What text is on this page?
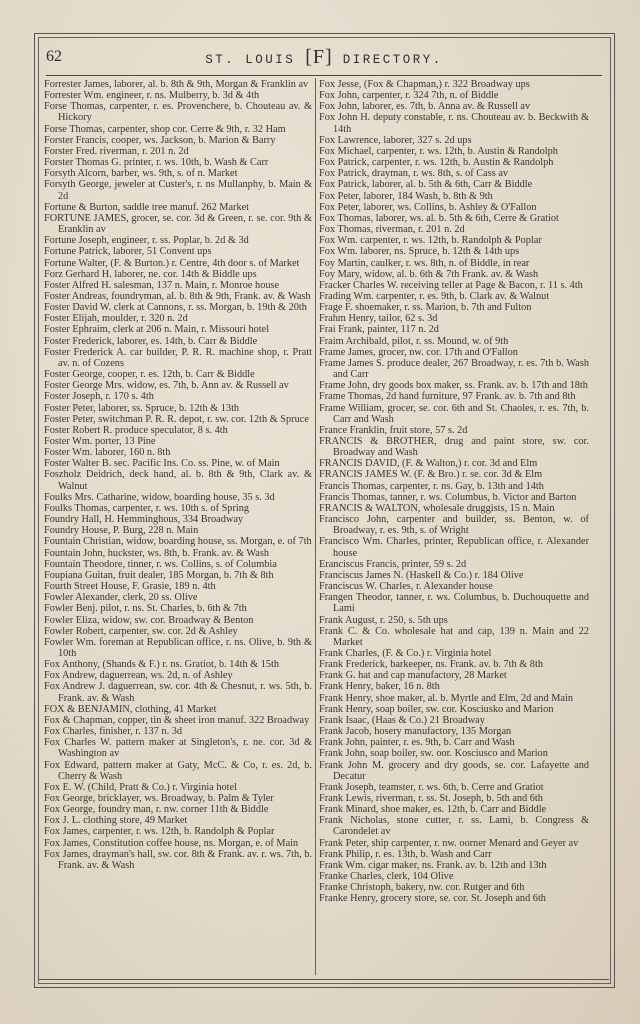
62	ST. LOUIS [F] DIRECTORY.
Forrester James, laborer, al. b. 8th & 9th, Morgan & Franklin av
Forrester Wm. engineer, r. ns. Mulberry, b. 3d & 4th
Forse Thomas, carpenter, r. es. Provenchere, b. Chouteau av. & Hickory
Forse Thomas, carpenter, shop cor. Cerre & 9th, r. 32 Ham
Forster Francis, cooper, ws. Jackson, b. Marion & Barry
Forster Fred. riverman, r. 201 n. 2d
Forster Thomas G. printer, r. ws. 10th, b. Wash & Carr
Forsyth Alcorn, barber, ws. 9th, s. of n. Market
Forsyth George, jeweler at Custer's, r. ns Mullanphy, b. Main & 2d
Fortune & Burton, saddle tree manuf. 262 Market
FORTUNE JAMES, grocer, se. cor. 3d & Green, r. se. cor. 9th & Eranklin av
Fortune Joseph, engineer, r. ss. Poplar, b. 2d & 3d
Fortune Patrick, laborer, 51 Convent ups
Fortune Walter, (F. & Burton.) r. Centre, 4th door s. of Market
Forz Gerhard H. laborer, ne. cor. 14th & Biddle ups
Foster Alfred H. salesman, 137 n. Main, r. Monroe house
Foster Andreas, foundryman, al. b. 8th & 9th, Frank. av. & Wash
Foster David W. clerk at Cannons, r. ss. Morgan, b. 19th & 20th
Foster Elijah, moulder, r. 320 n. 2d
Foster Ephraim, clerk at 206 n. Main, r. Missouri hotel
Foster Frederick, laborer, es. 14th, b. Carr & Biddle
Foster Frederick A. car builder, P. R. R. machine shop, r. Pratt av. n. of Cozens
Foster George, cooper, r. es. 12th, b. Carr & Biddle
Foster George Mrs. widow, es. 7th, b. Ann av. & Russell av
Foster Joseph, r. 170 s. 4th
Foster Peter, laborer, ss. Spruce, b. 12th & 13th
Foster Peter, switchman P. R. R. depot, r. sw. cor. 12th & Spruce
Foster Robert R. produce speculator, 8 s. 4th
Foster Wm. porter, 13 Pine
Foster Wm. laborer, 160 n. 8th
Foster Walter B. sec. Pacific Ins. Co. ss. Pine, w. of Main
Foszholz Deidrich, deck hand, al. b. 8th & 9th, Clark av. & Walnut
Foulks Mrs. Catharine, widow, boarding house, 35 s. 3d
Foulks Thomas, carpenter, r. ws. 10th s. of Spring
Foundry Hall, H. Hemminghous, 334 Broadway
Foundry House, P. Burg, 228 n. Main
Fountain Christian, widow, boarding house, ss. Morgan, e. of 7th
Fountain John, huckster, ws. 8th, b. Frank. av. & Wash
Fountain Theodore, tinner, r. ws. Collins, s. of Columbia
Foupiana Guitan, fruit dealer, 185 Morgan, b. 7th & 8th
Fourth Street House, F. Grasie, 189 n. 4th
Fowler Alexander, clerk, 20 ss. Olive
Fowler Benj. pilot, r. ns. St. Charles, b. 6th & 7th
Fowler Eliza, widow, sw. cor. Broadway & Benton
Fowler Robert, carpenter, sw. cor. 2d & Ashley
Fowler Wm. foreman at Republican office, r. ns. Olive, b. 9th & 10th
Fox Anthony, (Shands & F.) r. ns. Gratiot, b. 14th & 15th
Fox Andrew, daguerrean, ws. 2d, n. of Ashley
Fox Andrew J. daguerrean, sw. cor. 4th & Chesnut, r. ws. 5th, b. Frank. av. & Wash
FOX & BENJAMIN, clothing, 41 Market
Fox & Chapman, copper, tin & sheet iron manuf. 322 Broadway
Fox Charles, finisher, r. 137 n. 3d
Fox Charles W. pattern maker at Singleton's, r. ne. cor. 3d & Washington av
Fox Edward, pattern maker at Gaty, McC. & Co, r. es. 2d, b. Cherry & Wash
Fox E. W. (Child, Pratt & Co.) r. Virginia hotel
Fox George, bricklayer, ws. Broadway, b. Palm & Tyler
Fox George, foundry man, r. nw. corner 11th & Biddle
Fox J. L. clothing store, 49 Market
Fox James, carpenter, r. ws. 12th, b. Randolph & Poplar
Fox James, Constitution coffee house, ns. Morgan, e. of Main
Fox James, drayman's hall, sw. cor. 8th & Frank. av. r. ws. 7th, b. Frank. av. & Wash
Fox Jesse, (Fox & Chapman,) r. 322 Broadway ups
Fox John, carpenter, r. 324 7th, n. of Biddle
Fox John, laborer, es. 7th, b. Anna av. & Russell av
Fox John H. deputy constable, r. ns. Chouteau av. b. Beckwith & 14th
Fox Lawrence, laborer, 327 s. 2d ups
Fox Michael, carpenter, r. ws. 12th, b. Austin & Randolph
Fox Patrick, carpenter, r. ws. 12th, b. Austin & Randolph
Fox Patrick, drayman, r. ws. 8th, s. of Cass av
Fox Patrick, laborer, al. b. 5th & 6th, Carr & Biddle
Fox Peter, laborer, 184 Wash, b. 8th & 9th
Fox Peter, laborer, ws. Collins, b. Ashley & O'Fallon
Fox Thomas, laborer, ws. al. b. 5th & 6th, Cerre & Gratiot
Fox Thomas, riverman, r. 201 n. 2d
Fox Wm. carpenter, r. ws. 12th, b. Randolph & Poplar
Fox Wm. laborer, ns. Spruce, b. 12th & 14th ups
Foy Martin, caulker, r. ws. 8th, n. of Biddle, in rear
Foy Mary, widow, al. b. 6th & 7th Frank. av. & Wash
Fracker Charles W. receiving teller at Page & Bacon, r. 11 s. 4th
Frading Wm. carpenter, r. es. 9th, b. Clark av. & Walnut
Frage F. shoemaker, r. ss. Marion, b. 7th and Fulton
Frahm Henry, tailor, 62 s. 3d
Frai Frank, painter, 117 n. 2d
Fraim Archibald, pilot, r. ss. Mound, w. of 9th
Frame James, grocer, nw. cor. 17th and O'Fallon
Frame James S. produce dealer, 267 Broadway, r. es. 7th b. Wash and Carr
Frame John, dry goods box maker, ss. Frank. av. b. 17th and 18th
Frame Thomas, 2d hand furniture, 97 Frank. av. b. 7th and 8th
Frame William, grocer, se. cor. 6th and St. Chaoles, r. es. 7th, b. Carr and Wash
France Franklin, fruit store, 57 s. 2d
FRANCIS & BROTHER, drug and paint store, sw. cor. Broadway and Wash
FRANCIS DAVID, (F. & Walton,) r. cor. 3d and Elm
FRANCIS JAMES W. (F. & Bro.) r. se. cor. 3d & Elm
Francis Thomas, carpenter, r. ns. Gay, b. 13th and 14th
Francis Thomas, tanner, r. ws. Columbus, b. Victor and Barton
FRANCIS & WALTON, wholesale druggists, 15 n. Main
Francisco John, carpenter and builder, ss. Benton, w. of Broadway, r. es. 9th, s. of Wright
Francisco Wm. Charles, printer, Republican office, r. Alexander house
Eranciscus Francis, printer, 59 s. 2d
Franciscus James N. (Haskell & Co.) r. 184 Olive
Franciscus W. Charles, r. Alexander house
Frangen Theodor, tanner, r. ws. Columbus, b. Duchouquette and Lami
Frank August, r. 250, s. 5th ups
Frank C. & Co. wholesale hat and cap, 139 n. Main and 22 Market
Frank Charles, (F. & Co.) r. Virginia hotel
Frank Frederick, barkeeper, ns. Frank. av. b. 7th & 8th
Frank G. hat and cap manufactory, 28 Market
Frank Henry, baker, 16 n. 8th
Frank Henry, shoe maker, al. b. Myrtle and Elm, 2d and Main
Frank Henry, soap boiler, sw. cor. Kosciusko and Marion
Frank Isaac, (Haas & Co.) 21 Broadway
Frank Jacob, hosery manufactory, 135 Morgan
Frank John, painter, r. es. 9th, b. Carr and Wash
Frank John, soap boiler, sw. oor. Kosciusco and Marion
Frank John M. grocery and dry goods, se. cor. Lafayette and Decatur
Frank Joseph, teamster, r. ws. 6th, b. Cerre and Gratiot
Frank Lewis, riverman, r. ss. St. Joseph, b. 5th and 6th
Frank Minard, shoe maker, es. 12th, b. Carr and Biddle
Frank Nicholas, stone cutter, r. ss. Lami, b. Congress & Carondelet av
Frank Peter, ship carpenter, r. nw. oorner Menard and Geyer av
Frank Philip, r. es. 13th, b. Wash and Carr
Frank Wm. cigar maker, ns. Frank. av. b. 12th and 13th
Franke Charles, clerk, 104 Olive
Franke Christoph, bakery, nw. cor. Rutger and 6th
Franke Henry, grocery store, se. cor. St. Joseph and 6th
